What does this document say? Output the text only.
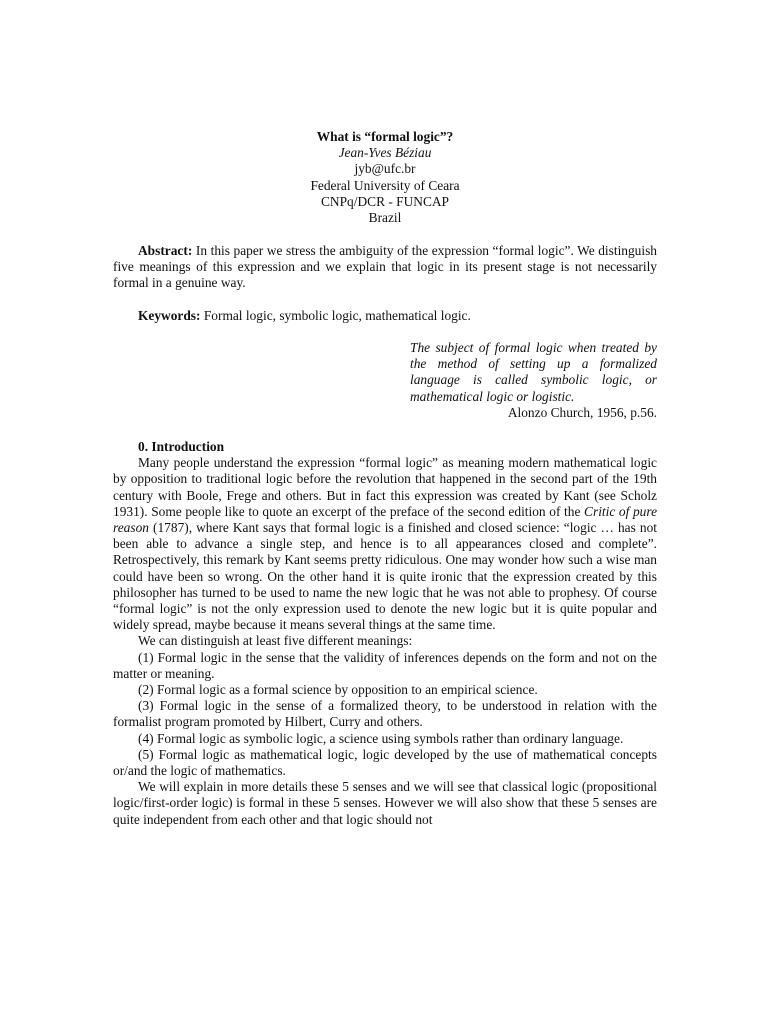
What is “formal logic”?
Jean-Yves Béziau
jyb@ufc.br
Federal University of Ceara
CNPq/DCR - FUNCAP
Brazil

Abstract: In this paper we stress the ambiguity of the expression “formal logic”. We distinguish five meanings of this expression and we explain that logic in its present stage is not necessarily formal in a genuine way.

Keywords: Formal logic, symbolic logic, mathematical logic.

The subject of formal logic when treated by the method of setting up a formalized language is called symbolic logic, or mathematical logic or logistic.
Alonzo Church, 1956, p.56.
0. Introduction

Many people understand the expression “formal logic” as meaning modern mathematical logic by opposition to traditional logic before the revolution that happened in the second part of the 19th century with Boole, Frege and others. But in fact this expression was created by Kant (see Scholz 1931). Some people like to quote an excerpt of the preface of the second edition of the Critic of pure reason (1787), where Kant says that formal logic is a finished and closed science: “logic … has not been able to advance a single step, and hence is to all appearances closed and complete”. Retrospectively, this remark by Kant seems pretty ridiculous. One may wonder how such a wise man could have been so wrong. On the other hand it is quite ironic that the expression created by this philosopher has turned to be used to name the new logic that he was not able to prophesy. Of course “formal logic” is not the only expression used to denote the new logic but it is quite popular and widely spread, maybe because it means several things at the same time.

We can distinguish at least five different meanings:

(1) Formal logic in the sense that the validity of inferences depends on the form and not on the matter or meaning.

(2) Formal logic as a formal science by opposition to an empirical science.

(3) Formal logic in the sense of a formalized theory, to be understood in relation with the formalist program promoted by Hilbert, Curry and others.

(4) Formal logic as symbolic logic, a science using symbols rather than ordinary language.

(5) Formal logic as mathematical logic, logic developed by the use of mathematical concepts or/and the logic of mathematics.

We will explain in more details these 5 senses and we will see that classical logic (propositional logic/first-order logic) is formal in these 5 senses. However we will also show that these 5 senses are quite independent from each other and that logic should not
